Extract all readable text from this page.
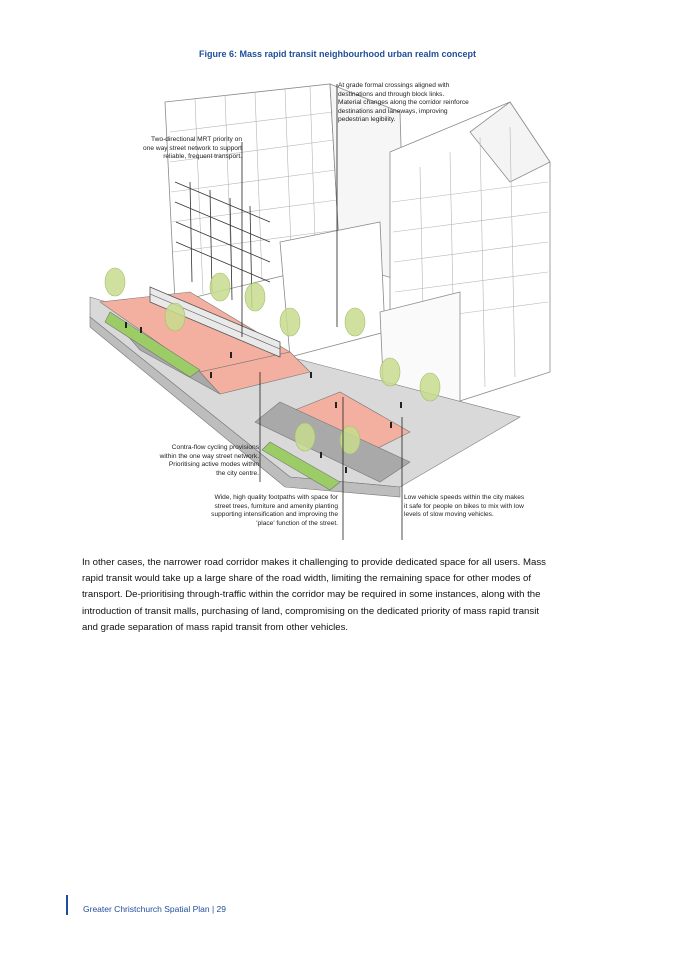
Figure 6: Mass rapid transit neighbourhood urban realm concept
At grade formal crossings aligned with
destinations and through block links.
Material changes along the corridor reinforce
destinations and laneways, improving
pedestrian legibility.
Two-directional MRT priority on
one way street network to support
reliable, frequent transport.
Contra-flow cycling provisions
within the one way street network.
Prioritising active modes within
the city centre.
Wide, high quality footpaths with space for
street trees, furniture and amenity planting
supporting intensification and improving the
'place' function of the street.
Low vehicle speeds within the city makes
it safe for people on bikes to mix with low
levels of slow moving vehicles.
In other cases, the narrower road corridor makes it challenging to provide dedicated space for all users. Mass
rapid transit would take up a large share of the road width, limiting the remaining space for other modes of
transport. De-prioritising through-traffic within the corridor may be required in some instances, along with the
introduction of transit malls, purchasing of land, compromising on the dedicated priority of mass rapid transit
and grade separation of mass rapid transit from other vehicles.
Greater Christchurch Spatial Plan | 29
